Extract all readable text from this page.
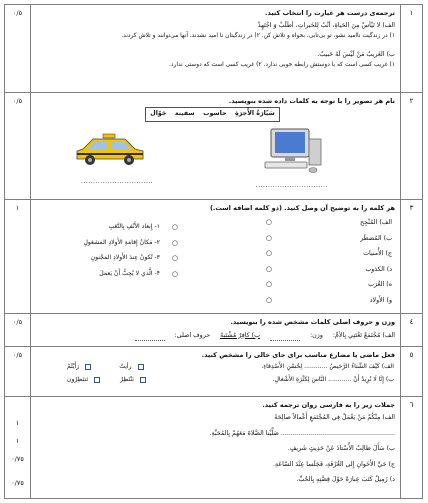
١
ترجمه‌ی درست هر عبارت را انتخاب کنید.
الف) لا تَيْأَسْ مِنَ الحَياةِ، أُنْبُ لِلخَيراتِ، أُطْلُبْ وَ اجْتَهِدْ
۱) در زندگیت ناامید نشو، تو بی‌تابی، بخواه و تلاش کن. ۲) در زندگیتان نا امید نشدند، آنها می‌توانند و تلاش کردند.
ب) الغَريبُ مَنْ لَيْسَ لَهُ حَبيبٌ.
۱) غریب کسی است که با دوستش رابطه خوبی ندارد. ۲) غریب کسی است که دوستی ندارد.
٠/٥
٢
نام هر تصویر را با توجه به کلمات داده شده بنویسید.
سَيّارَةُ الأُجرَةِ
حاسوب
سفينة
جَوّال
..............................
..............................
٠/٥
٣
هر کلمه را به توضیح آن وصل کنید. (دو کلمه اضافه است.)
الف) المُنْجِح
ب) المُضطَر
ج) الأُمنيات
د) الكذوب
ه) الغُرَب
و) الأَولاد
○
○
○
○
○
○
○
○
○
○
۱- إِبعاد الأَنْفِ بِالتَّعَبِ
۲- مَكانُ إِقامَةِ الأَولادِ المَشغولِ
۳- تُكونُ عِندَ الأَولادِ المَجْنونِ
۴- الَّذي لا يُحِبُّ أَنْ يَعمَلَ
١
٤
وزن و حروف اصلی کلمات مشخص شده را بنویسید.
الف) مُجْتَمَعٌ تَعْتَنِي بِالأُمِّ:
وزن:
ب) كافِرٌ مُشْتَبِهٌ
حروف اصلی:
٠/٥
٥
فعل ماضی یا مضارع مناسب برای جای خالی را مشخص کنید.
الف) كَيْفَ الشَّتاءُ الرَّخيصُ ............ لِحُسْنِ الأَصْدِقاءِ.
ب) إِنَّا لَا نُرِيدُ أَنْ ............ النَّاسَ لِكَثْرَةِ الأَشْغالِ.
رأيتُ
رَأَيْتُمْ
نَنْتَظِرُ
تَنتَظِرُون
٠/٥
٦
جملات زیر را به فارسی روان ترجمه کنید.
الف) مِنْكُمْ مَنْ يَعْمَلُ فِي المُجْتَمَعِ أَعْمالاً صالِحَةً
......................................................... صَلَّيْنا الصَّلاةَ مَعَهُمْ بِالمُحَبَّةِ.
ب) سَأَلَ طالِبٌ الأُسْتاذَ عَنْ حَدِيثٍ شَريفٍ.
ج) حَيِّ الأَخَوانِ إِلى الغُرْفَةِ، فَجَلَسا عِنْدَ السّاعَةِ.
د) زَمِيلٌ كَتَبَ عِبارَةً حَوْلَ قِصَّتِهِ بِالحُبِّ.
١
١
٠/٧٥
٠/٧٥
